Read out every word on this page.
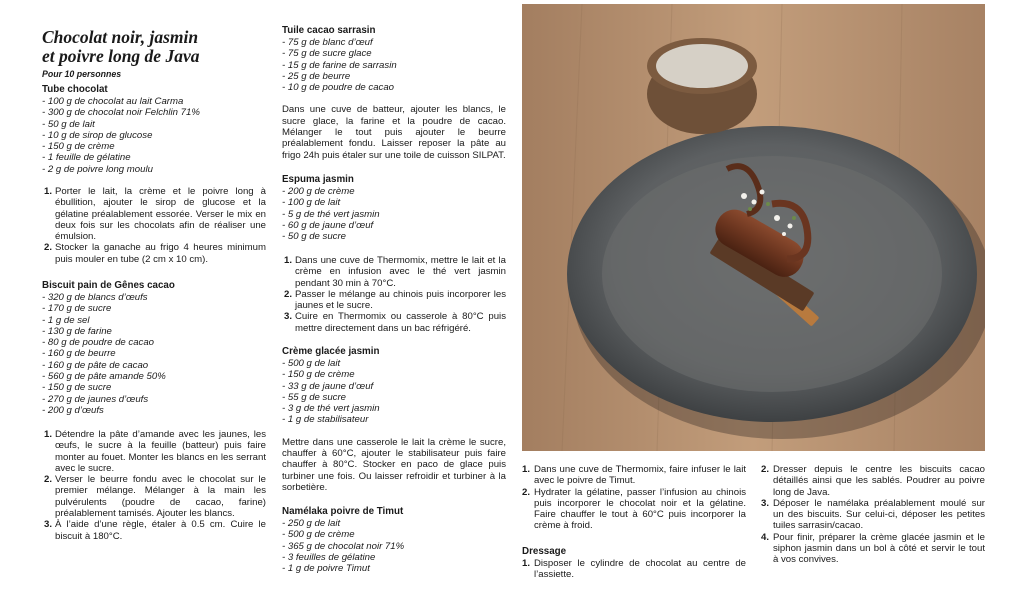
Chocolat noir, jasmin
et poivre long de Java
Pour 10 personnes
Tube chocolat
- 100 g de chocolat au lait Carma
- 300 g de chocolat noir Felchlin 71%
- 50 g de lait
- 10 g de sirop de glucose
- 150 g de crème
- 1 feuille de gélatine
- 2 g de poivre long moulu
1. Porter le lait, la crème et le poivre long à ébullition, ajouter le sirop de glucose et la gélatine préalablement essorée. Verser le mix en deux fois sur les chocolats afin de réaliser une émulsion.
2. Stocker la ganache au frigo 4 heures minimum puis mouler en tube (2 cm x 10 cm).
Biscuit pain de Gênes cacao
- 320 g de blancs d’œufs
- 170 g de sucre
- 1 g de sel
- 130 g de farine
- 80 g de poudre de cacao
- 160 g de beurre
- 160 g de pâte de cacao
- 560 g de pâte amande 50%
- 150 g de sucre
- 270 g de jaunes d’œufs
- 200 g d’œufs
1. Détendre la pâte d’amande avec les jaunes, les œufs, le sucre à la feuille (batteur) puis faire monter au fouet. Monter les blancs en les serrant avec le sucre.
2. Verser le beurre fondu avec le chocolat sur le premier mélange. Mélanger à la main les pulvérulents (poudre de cacao, farine) préalablement tamisés. Ajouter les blancs.
3. À l’aide d’une règle, étaler à 0.5 cm. Cuire le biscuit à 180°C.
Tuile cacao sarrasin
- 75 g de blanc d’œuf
- 75 g de sucre glace
- 15 g de farine de sarrasin
- 25 g de beurre
- 10 g de poudre de cacao

Dans une cuve de batteur, ajouter les blancs, le sucre glace, la farine et la poudre de cacao. Mélanger le tout puis ajouter le beurre préalablement fondu. Laisser reposer la pâte au frigo 24h puis étaler sur une toile de cuisson SILPAT.

Espuma jasmin
- 200 g de crème
- 100 g de lait
- 5 g de thé vert jasmin
- 60 g de jaune d’œuf
- 50 g de sucre
1. Dans une cuve de Thermomix, mettre le lait et la crème en infusion avec le thé vert jasmin pendant 30 min à 70°C.
2. Passer le mélange au chinois puis incorporer les jaunes et le sucre.
3. Cuire en Thermomix ou casserole à 80°C puis mettre directement dans un bac réfrigéré.
Crème glacée jasmin
- 500 g de lait
- 150 g de crème
- 33 g de jaune d’œuf
- 55 g de sucre
- 3 g de thé vert jasmin
- 1 g de stabilisateur

Mettre dans une casserole le lait la crème le sucre, chauffer à 60°C, ajouter le stabilisateur puis faire chauffer à 80°C. Stocker en paco de glace puis turbiner une fois. Ou laisser refroidir et turbiner à la sorbetière.

Namélaka poivre de Timut
- 250 g de lait
- 500 g de crème
- 365 g de chocolat noir 71%
- 3 feuilles de gélatine
- 1 g de poivre Timut
1. Dans une cuve de Thermomix, faire infuser le lait avec le poivre de Timut.
2. Hydrater la gélatine, passer l’infusion au chinois puis incorporer le chocolat noir et la gélatine. Faire chauffer le tout à 60°C puis incorporer la crème à froid.
Dressage
1. Disposer le cylindre de chocolat au centre de l’assiette.
2. Dresser depuis le centre les biscuits cacao détaillés ainsi que les sablés. Poudrer au poivre long de Java.
3. Déposer le namélaka préalablement moulé sur un des biscuits. Sur celui-ci, déposer les petites tuiles sarrasin/cacao.
4. Pour finir, préparer la crème glacée jasmin et le siphon jasmin dans un bol à côté et servir le tout à vos convives.
